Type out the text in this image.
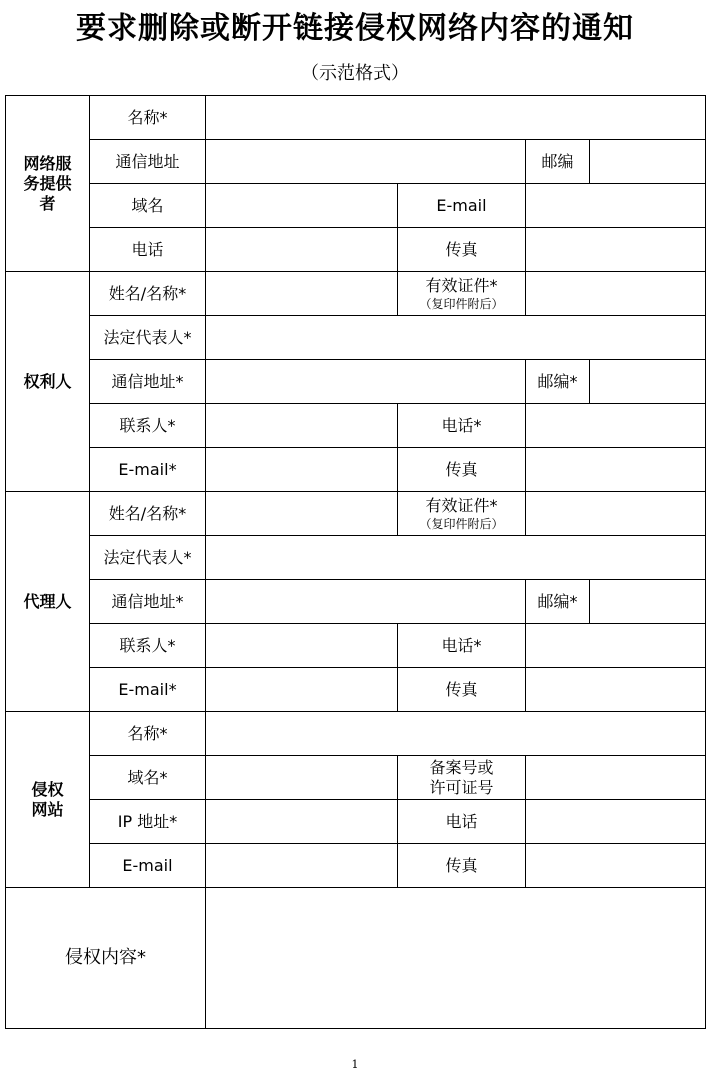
要求删除或断开链接侵权网络内容的通知
（示范格式）
网络服务提供者	名称*				
	通信地址			邮编	
	域名		E-mail		
	电话		传真		
权利人	姓名/名称*		有效证件*
（复印件附后）		

	法定代表人*				
	通信地址*			邮编*	
	联系人*		电话*		
	E-mail*		传真		
代理人	姓名/名称*		有效证件*
（复印件附后）		

	法定代表人*				
	通信地址*			邮编*	
	联系人*		电话*		
	E-mail*		传真		

侵权网站	名称*				
	域名*		备案号或许可证号		

	IP 地址*		电话		
	E-mail		传真		
侵权内容*					
1
